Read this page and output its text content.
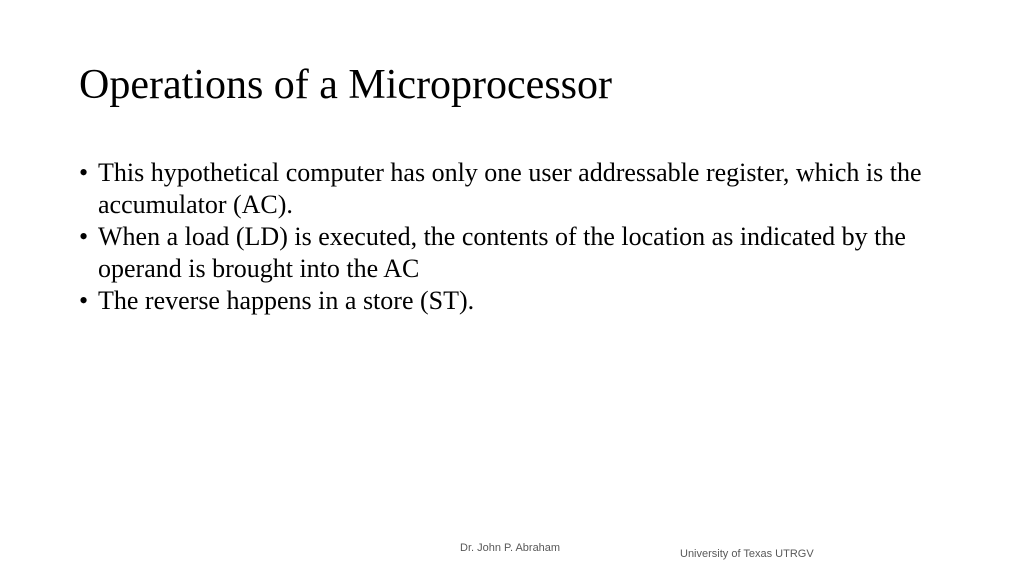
Operations of a Microprocessor
• This hypothetical computer has only one user addressable register, which is the accumulator (AC).
• When a load (LD) is executed, the contents of the location as indicated by the operand is brought into the AC
• The reverse happens in a store (ST).
Dr. John P. Abraham	University of Texas UTRGV
